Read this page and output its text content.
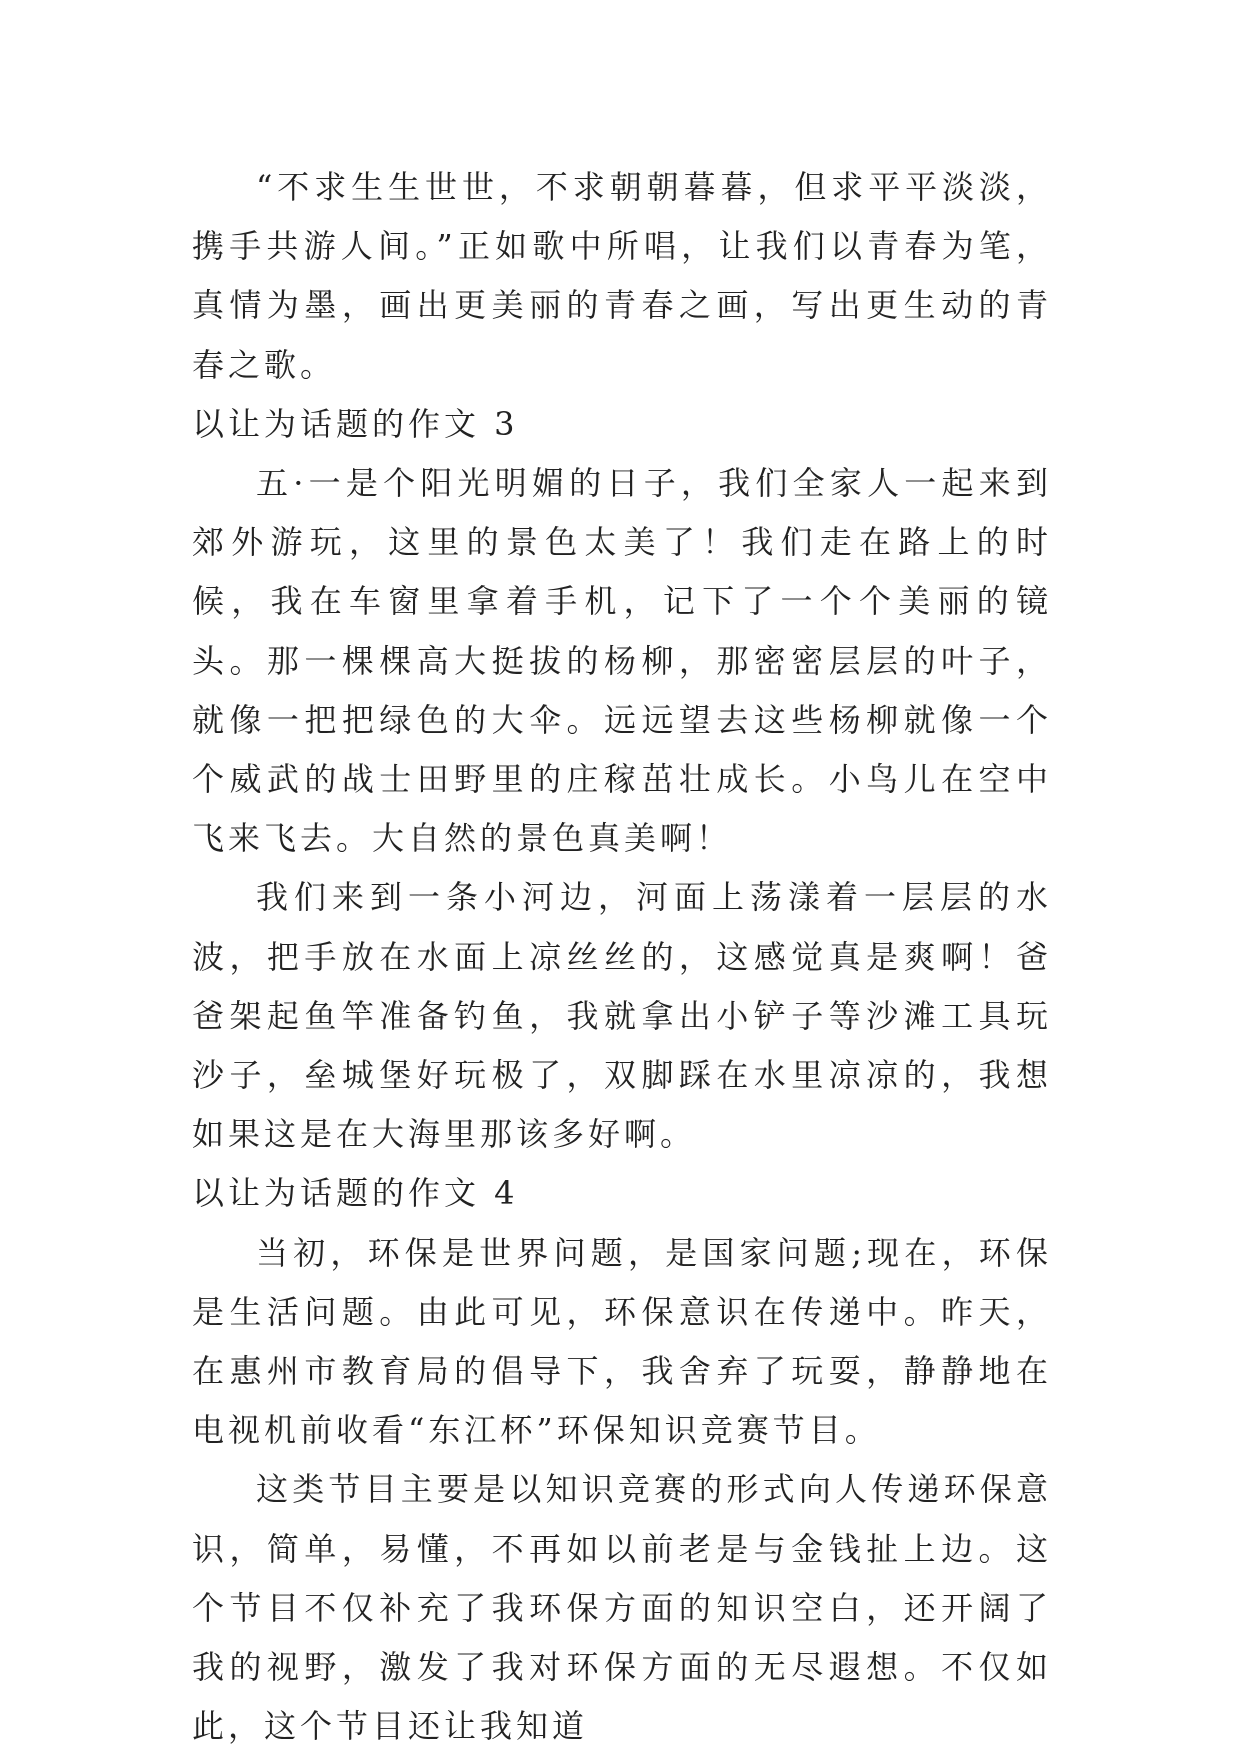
“不求生生世世，不求朝朝暮暮，但求平平淡淡，携手共游人间。”正如歌中所唱，让我们以青春为笔，真情为墨，画出更美丽的青春之画，写出更生动的青春之歌。

以让为话题的作文 3

五·一是个阳光明媚的日子，我们全家人一起来到郊外游玩，这里的景色太美了！我们走在路上的时候，我在车窗里拿着手机，记下了一个个美丽的镜头。那一棵棵高大挺拔的杨柳，那密密层层的叶子，就像一把把绿色的大伞。远远望去这些杨柳就像一个个威武的战士田野里的庄稼茁壮成长。小鸟儿在空中飞来飞去。大自然的景色真美啊！

我们来到一条小河边，河面上荡漾着一层层的水波，把手放在水面上凉丝丝的，这感觉真是爽啊！爸爸架起鱼竿准备钓鱼，我就拿出小铲子等沙滩工具玩沙子，垒城堡好玩极了，双脚踩在水里凉凉的，我想如果这是在大海里那该多好啊。

以让为话题的作文 4

当初，环保是世界问题，是国家问题;现在，环保是生活问题。由此可见，环保意识在传递中。昨天，在惠州市教育局的倡导下，我舍弃了玩耍，静静地在电视机前收看“东江杯”环保知识竞赛节目。

这类节目主要是以知识竞赛的形式向人传递环保意识，简单，易懂，不再如以前老是与金钱扯上边。这个节目不仅补充了我环保方面的知识空白，还开阔了我的视野，激发了我对环保方面的无尽遐想。不仅如此，这个节目还让我知道
